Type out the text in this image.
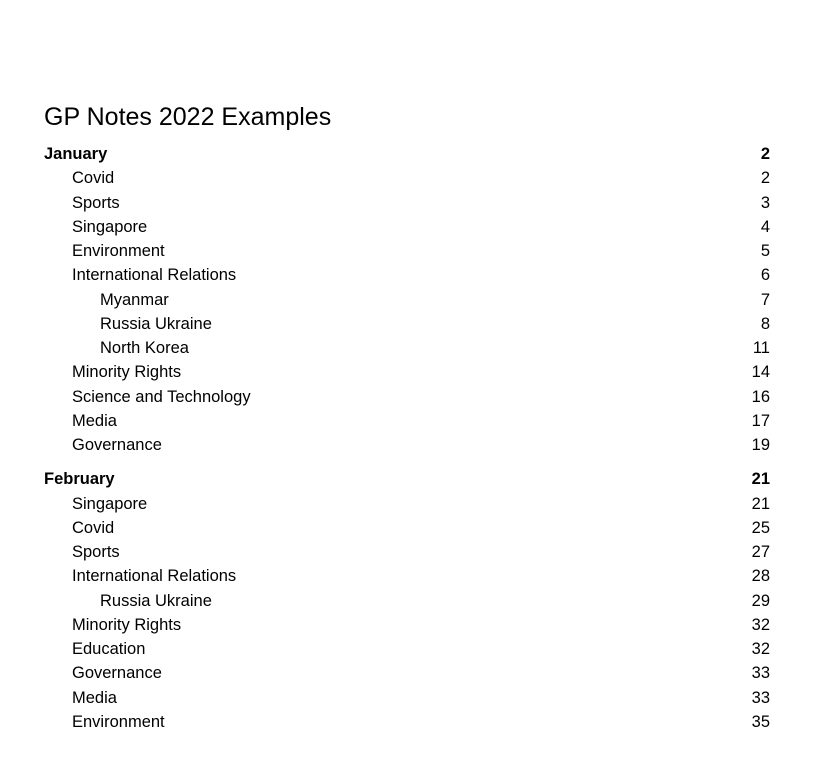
GP Notes 2022 Examples
January	2
Covid	2
Sports	3
Singapore	4
Environment	5
International Relations	6
Myanmar	7
Russia Ukraine	8
North Korea	11
Minority Rights	14
Science and Technology	16
Media	17
Governance	19
February	21
Singapore	21
Covid	25
Sports	27
International Relations	28
Russia Ukraine	29
Minority Rights	32
Education	32
Governance	33
Media	33
Environment	35
